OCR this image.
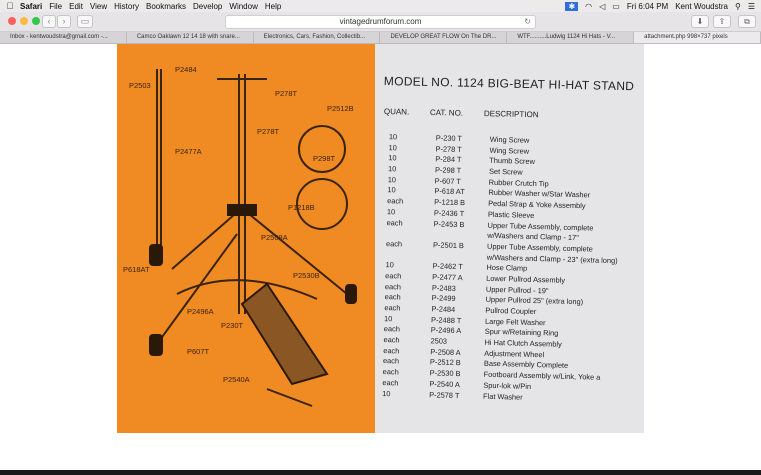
Safari File Edit View History Bookmarks Develop Window Help	✱	◠ ◁ ▭ Fri 6:04 PM Kent Woudstra ⚲ ☰
‹	›	▭	vintagedrumforum.com	↻	⬇	⇪	⧉
Inbox - kentwoudstra@gmail.com -...	Camco Oaklawn 12 14 18 with snare...	Electronics, Cars, Fashion, Collectib...	DEVELOP GREAT FLOW On The DR...	WTF..........Ludwig 1124 Hi Hats - V...	attachment.php 998×737 pixels
P2484
P2503
P278T
P2512B
P278T
P2477A
P298T
P1218B
P2508A
P618AT
P2530B
P2496A
P230T
P607T
P2540A
MODEL NO. 1124 BIG-BEAT HI-HAT STAND
QUAN.	CAT. NO.	DESCRIPTION
10	P-230 T	Wing Screw
10	P-278 T	Wing Screw
10	P-284 T	Thumb Screw
10	P-298 T	Set Screw
10	P-607 T	Rubber Crutch Tip
10	P-618 AT	Rubber Washer w/Star Washer
each	P-1218 B	Pedal Strap & Yoke Assembly
10	P-2436 T	Plastic Sleeve
each	P-2453 B	Upper Tube Assembly, complete
w/Washers and Clamp - 17"
each	P-2501 B	Upper Tube Assembly, complete
w/Washers and Clamp - 23" (extra long)
10	P-2462 T	Hose Clamp
each	P-2477 A	Lower Pullrod Assembly
each	P-2483	Upper Pullrod - 19"
each	P-2499	Upper Pullrod 25" (extra long)
each	P-2484	Pullrod Coupler
10	P-2488 T	Large Felt Washer
each	P-2496 A	Spur w/Retaining Ring
each	2503	Hi Hat Clutch Assembly
each	P-2508 A	Adjustment Wheel
each	P-2512 B	Base Assembly Complete
each	P-2530 B	Footboard Assembly w/Link, Yoke a
each	P-2540 A	Spur-lok w/Pin
10	P-2578 T	Flat Washer
